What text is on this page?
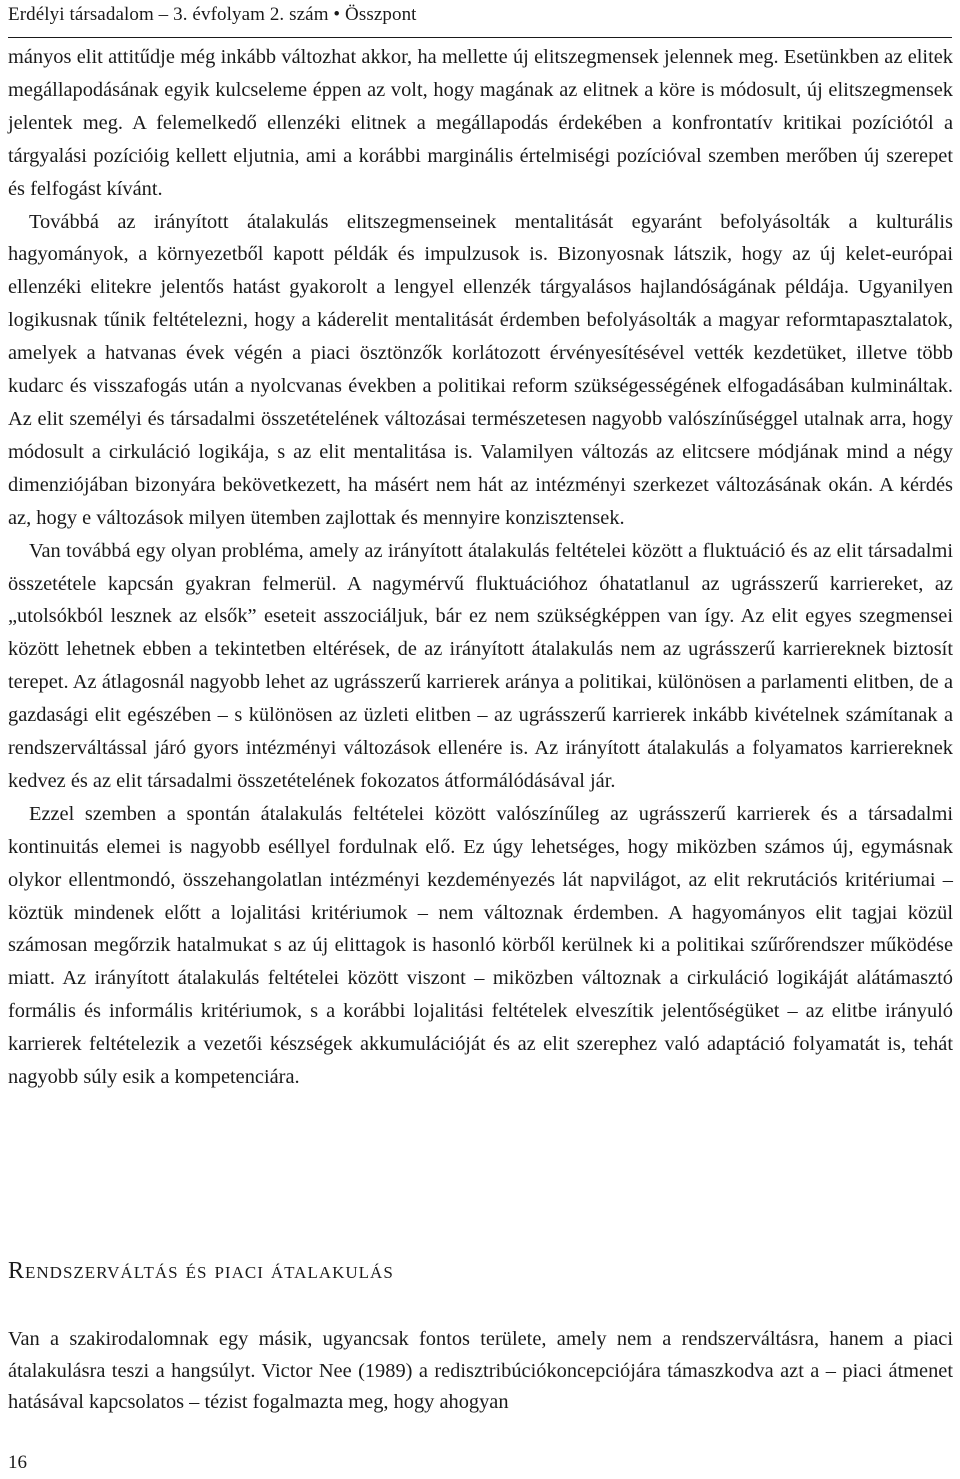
Erdélyi társadalom – 3. évfolyam 2. szám • Összpont

mányos elit attitűdje még inkább változhat akkor, ha mellette új elitszegmensek jelennek meg. Esetünkben az elitek megállapodásának egyik kulcseleme éppen az volt, hogy magának az elitnek a köre is módosult, új elitszegmensek jelentek meg. A felemelkedő ellenzéki elitnek a megállapodás érdekében a konfrontatív kritikai pozíciótól a tárgyalási pozícióig kellett eljutnia, ami a korábbi marginális értelmiségi pozícióval szemben merőben új szerepet és felfogást kívánt.

Továbbá az irányított átalakulás elitszegmenseinek mentalitását egyaránt befolyásolták a kulturális hagyományok, a környezetből kapott példák és impulzusok is. Bizonyosnak látszik, hogy az új kelet-európai ellenzéki elitekre jelentős hatást gyakorolt a lengyel ellenzék tárgyalásos hajlandóságának példája. Ugyanilyen logikusnak tűnik feltételezni, hogy a káderelit mentalitását érdemben befolyásolták a magyar reformtapasztalatok, amelyek a hatvanas évek végén a piaci ösztönzők korlátozott érvényesítésével vették kezdetüket, illetve több kudarc és visszafogás után a nyolcvanas években a politikai reform szükségességének elfogadásában kulmináltak. Az elit személyi és társadalmi összetételének változásai természetesen nagyobb valószínűséggel utalnak arra, hogy módosult a cirkuláció logikája, s az elit mentalitása is. Valamilyen változás az elitcsere módjának mind a négy dimenziójában bizonyára bekövetkezett, ha másért nem hát az intézményi szerkezet változásának okán. A kérdés az, hogy e változások milyen ütemben zajlottak és mennyire konzisztensek.

Van továbbá egy olyan probléma, amely az irányított átalakulás feltételei között a fluktuáció és az elit társadalmi összetétele kapcsán gyakran felmerül. A nagymérvű fluktuációhoz óhatatlanul az ugrásszerű karriereket, az „utolsókból lesznek az elsők” eseteit asszociáljuk, bár ez nem szükségképpen van így. Az elit egyes szegmensei között lehetnek ebben a tekintetben eltérések, de az irányított átalakulás nem az ugrásszerű karriereknek biztosít terepet. Az átlagosnál nagyobb lehet az ugrásszerű karrierek aránya a politikai, különösen a parlamenti elitben, de a gazdasági elit egészében – s különösen az üzleti elitben – az ugrásszerű karrierek inkább kivételnek számítanak a rendszerváltással járó gyors intézményi változások ellenére is. Az irányított átalakulás a folyamatos karriereknek kedvez és az elit társadalmi összetételének fokozatos átformálódásával jár.

Ezzel szemben a spontán átalakulás feltételei között valószínűleg az ugrásszerű karrierek és a társadalmi kontinuitás elemei is nagyobb eséllyel fordulnak elő. Ez úgy lehetséges, hogy miközben számos új, egymásnak olykor ellentmondó, összehangolatlan intézményi kezdeményezés lát napvilágot, az elit rekrutációs kritériumai – köztük mindenek előtt a lojalitási kritériumok – nem változnak érdemben. A hagyományos elit tagjai közül számosan megőrzik hatalmukat s az új elittagok is hasonló körből kerülnek ki a politikai szűrőrendszer működése miatt. Az irányított átalakulás feltételei között viszont – miközben változnak a cirkuláció logikáját alátámasztó formális és informális kritériumok, s a korábbi lojalitási feltételek elveszítik jelentőségüket – az elitbe irányuló karrierek feltételezik a vezetői készségek akkumulációját és az elit szerephez való adaptáció folyamatát is, tehát nagyobb súly esik a kompetenciára.

Rendszerváltás és piaci átalakulás

Van a szakirodalomnak egy másik, ugyancsak fontos területe, amely nem a rendszerváltásra, hanem a piaci átalakulásra teszi a hangsúlyt. Victor Nee (1989) a redisztribúciókoncepciójára támaszkodva azt a – piaci átmenet hatásával kapcsolatos – tézist fogalmazta meg, hogy ahogyan

16
